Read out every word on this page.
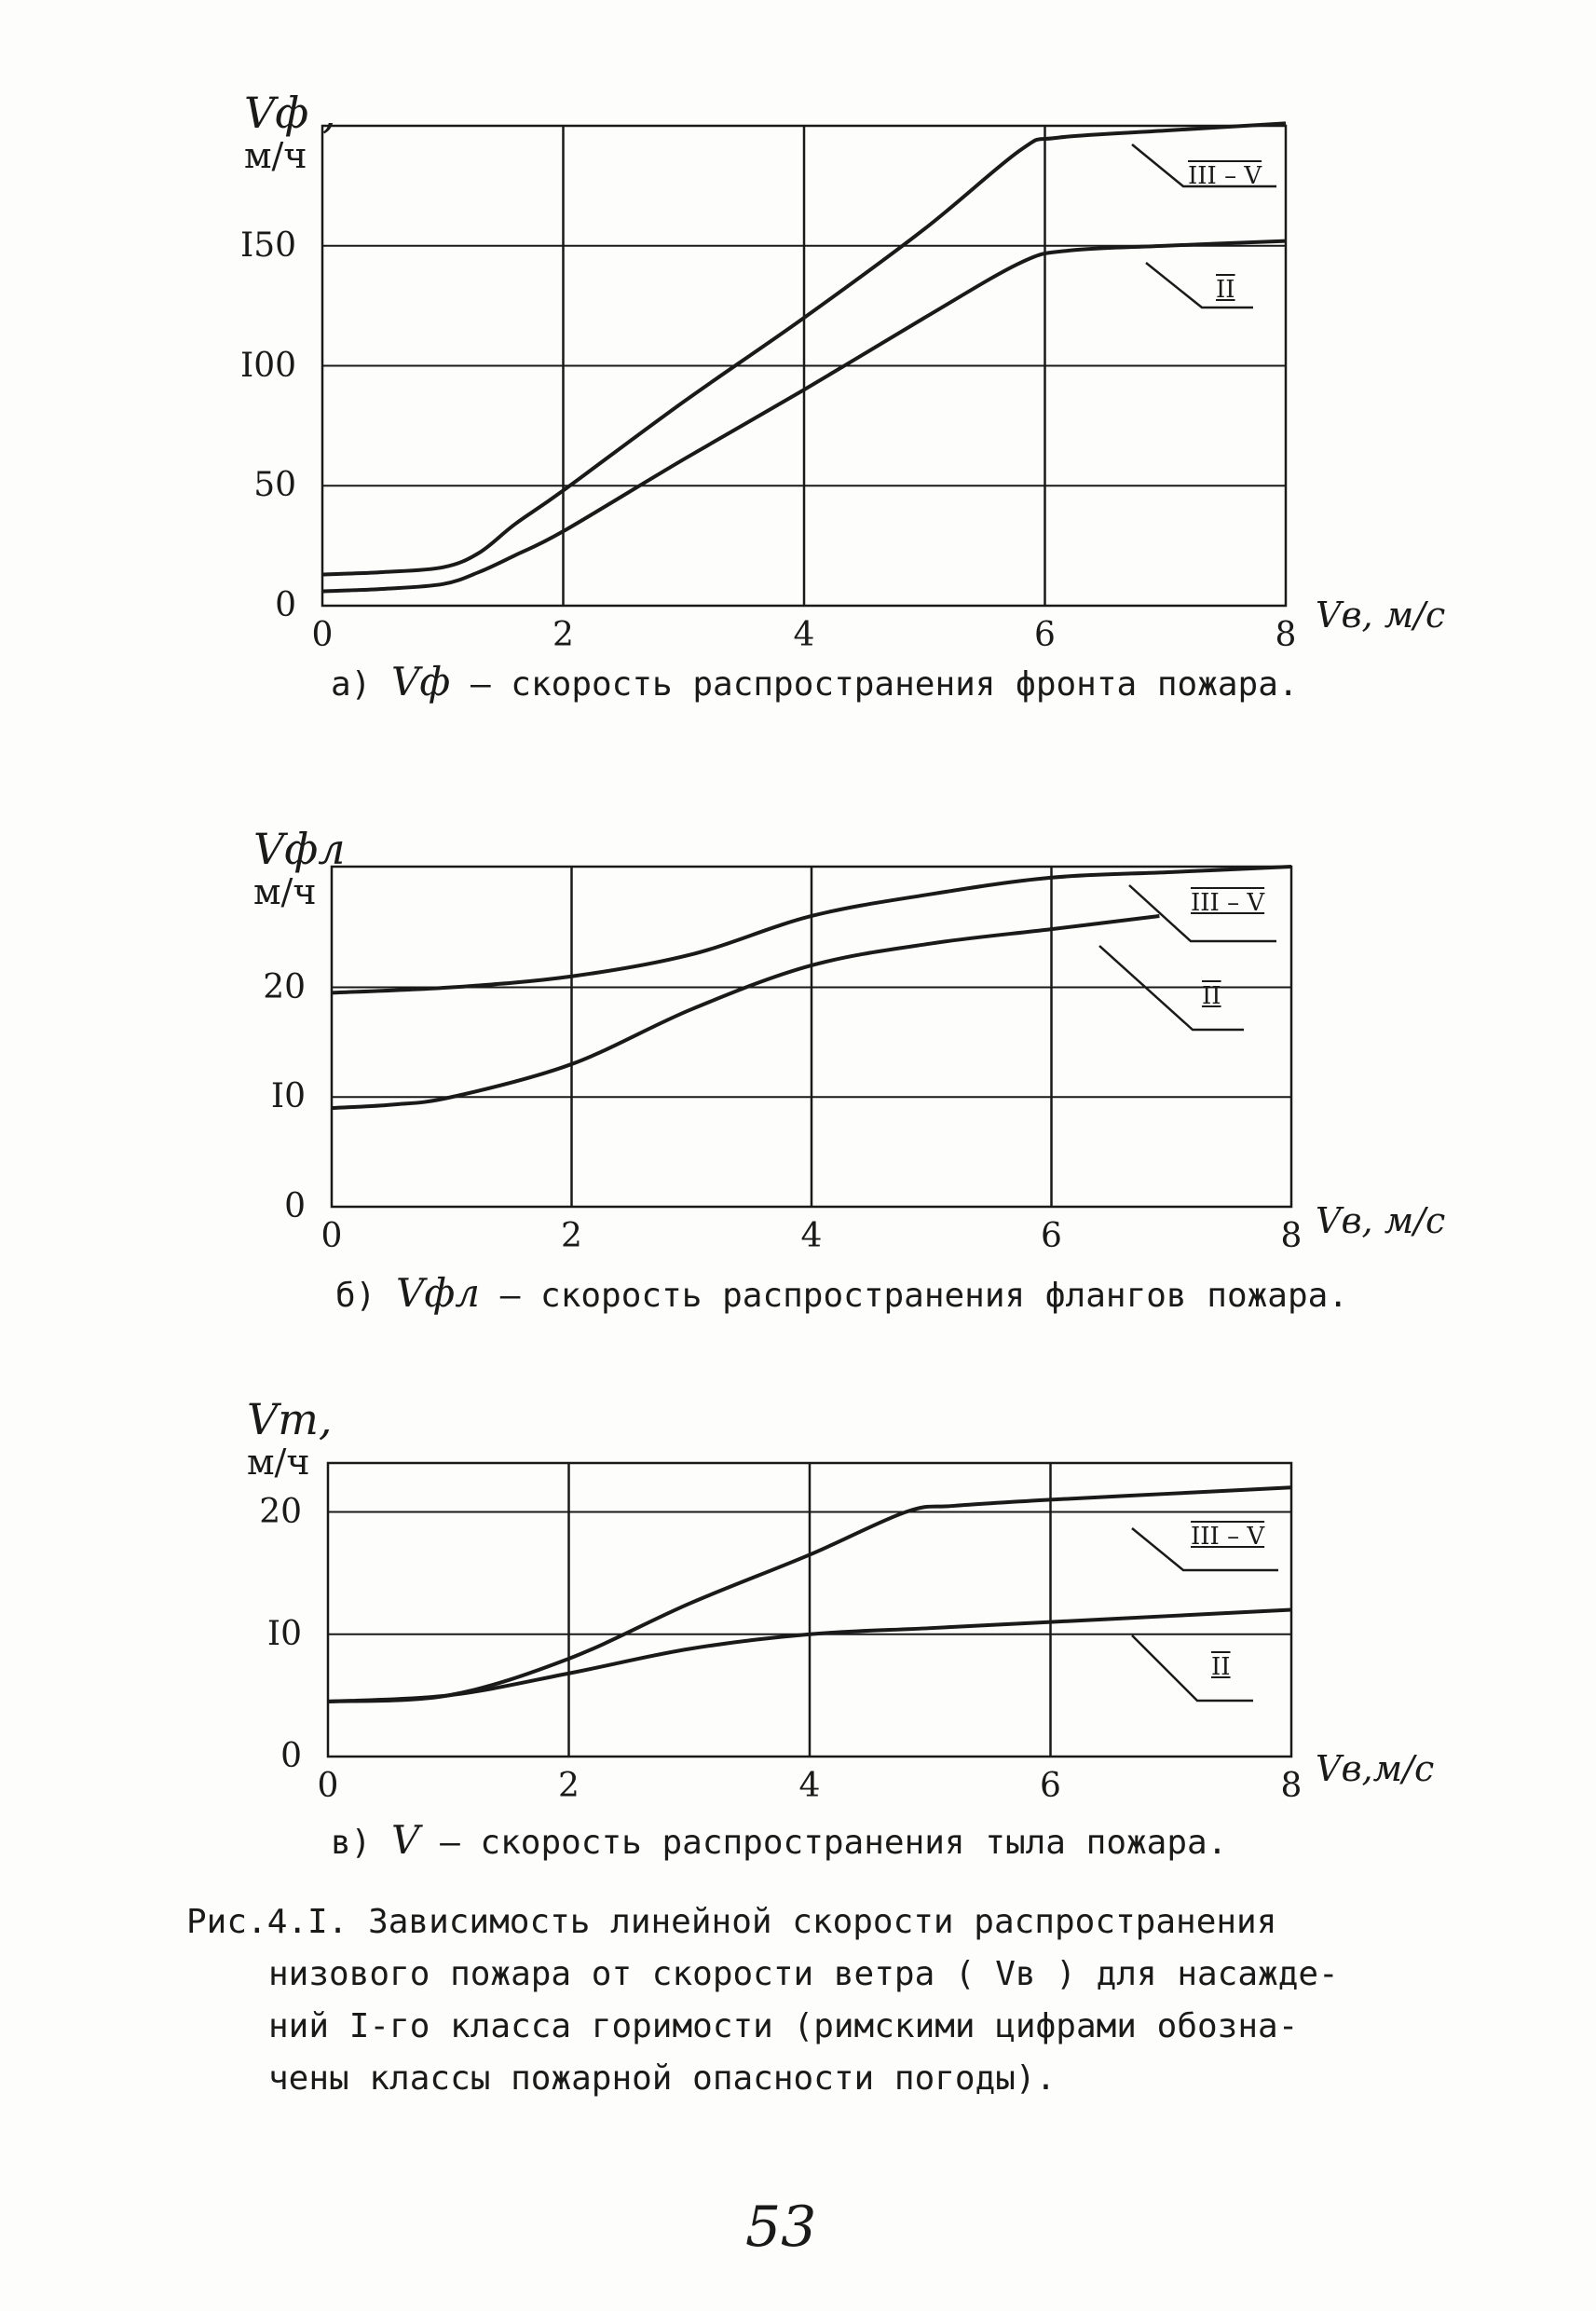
Vф ,
м/ч
Vв, м/с
а) Vф – скорость распространения фронта пожара.
III – V
II
0	2	4	6	8
0
50
I00
I50
Vфл
м/ч
Vв, м/с
б) Vфл – скорость распространения флангов пожара.
III – V
II
0	2	4	6	8
0
I0
20
Vт,
м/ч
Vв,м/с
в) V – скорость распространения тыла пожара.
III – V
II
0	2	4	6	8
0
I0
20
Рис.4.I. Зависимость линейной скорости распространения
низового пожара от скорости ветра ( Vв ) для насажде-
ний I-го класса горимости (римскими цифрами обозна-
чены классы пожарной опасности погоды).
53
